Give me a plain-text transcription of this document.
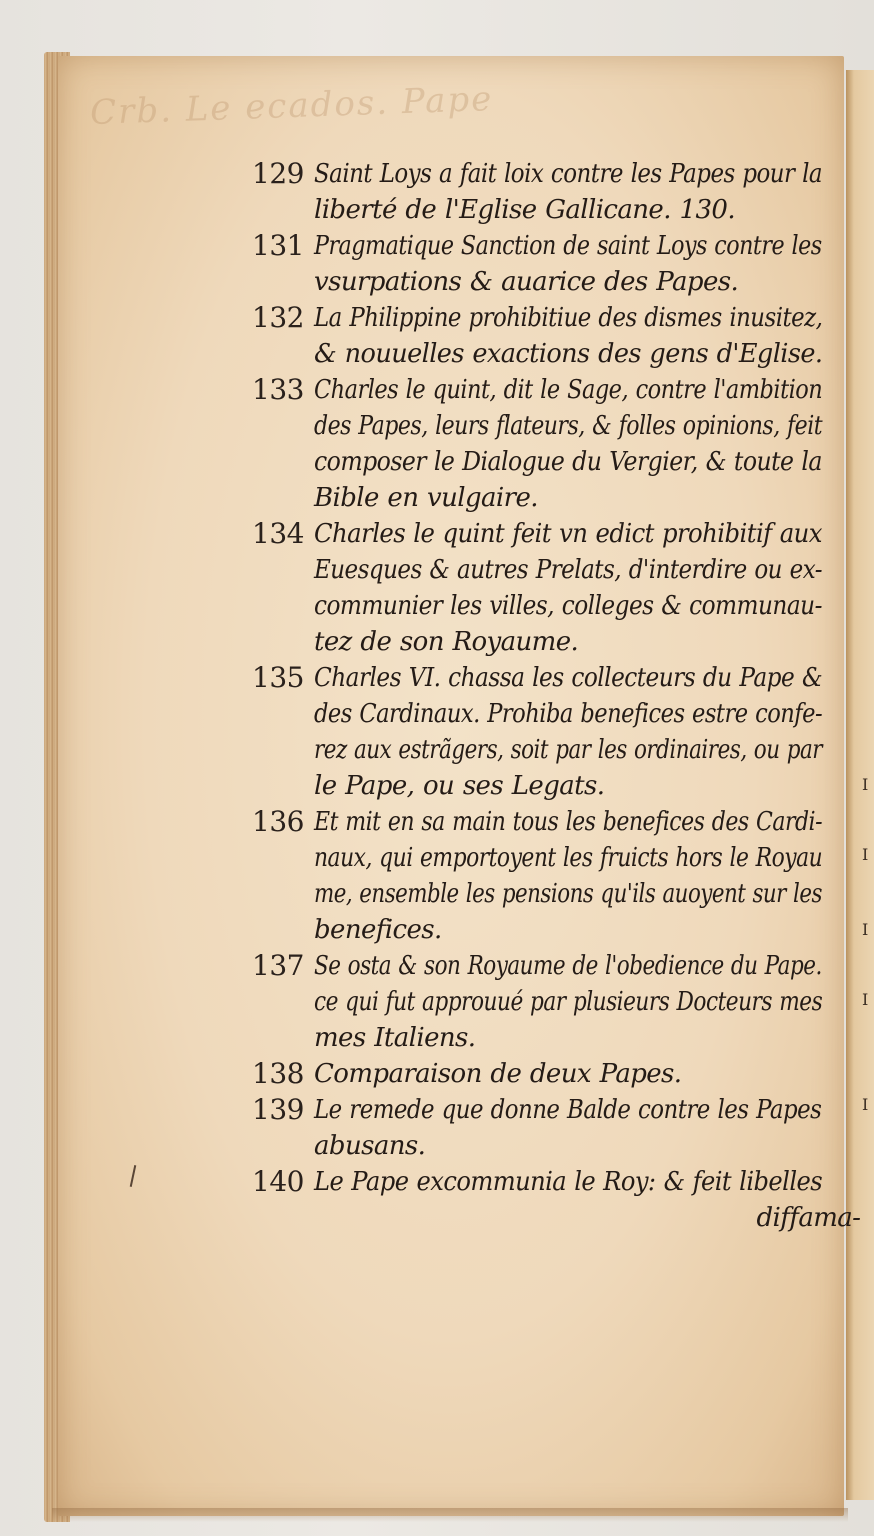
I
I
I
I
I
Crb. Le ecados. Pape
129 Saint Loys a fait loix contre les Papes pour la
liberté de l'Eglise Gallicane. 130.
131 Pragmatique Sanction de saint Loys contre les
vsurpations & auarice des Papes.
132 La Philippine prohibitiue des dismes inusitez,
& nouuelles exactions des gens d'Eglise.
133 Charles le quint, dit le Sage, contre l'ambition
des Papes, leurs flateurs, & folles opinions, feit
composer le Dialogue du Vergier, & toute la
Bible en vulgaire.
134 Charles le quint feit vn edict prohibitif aux
Euesques & autres Prelats, d'interdire ou ex-
communier les villes, colleges & communau-
tez de son Royaume.
135 Charles VI. chassa les collecteurs du Pape &
des Cardinaux. Prohiba benefices estre confe-
rez aux estrãgers, soit par les ordinaires, ou par
le Pape, ou ses Legats.
136 Et mit en sa main tous les benefices des Cardi-
naux, qui emportoyent les fruicts hors le Royau
me, ensemble les pensions qu'ils auoyent sur les
benefices.
137 Se osta & son Royaume de l'obedience du Pape.
ce qui fut approuué par plusieurs Docteurs mes
mes Italiens.
138 Comparaison de deux Papes.
139 Le remede que donne Balde contre les Papes
abusans.
140 Le Pape excommunia le Roy: & feit libelles
diffama-
